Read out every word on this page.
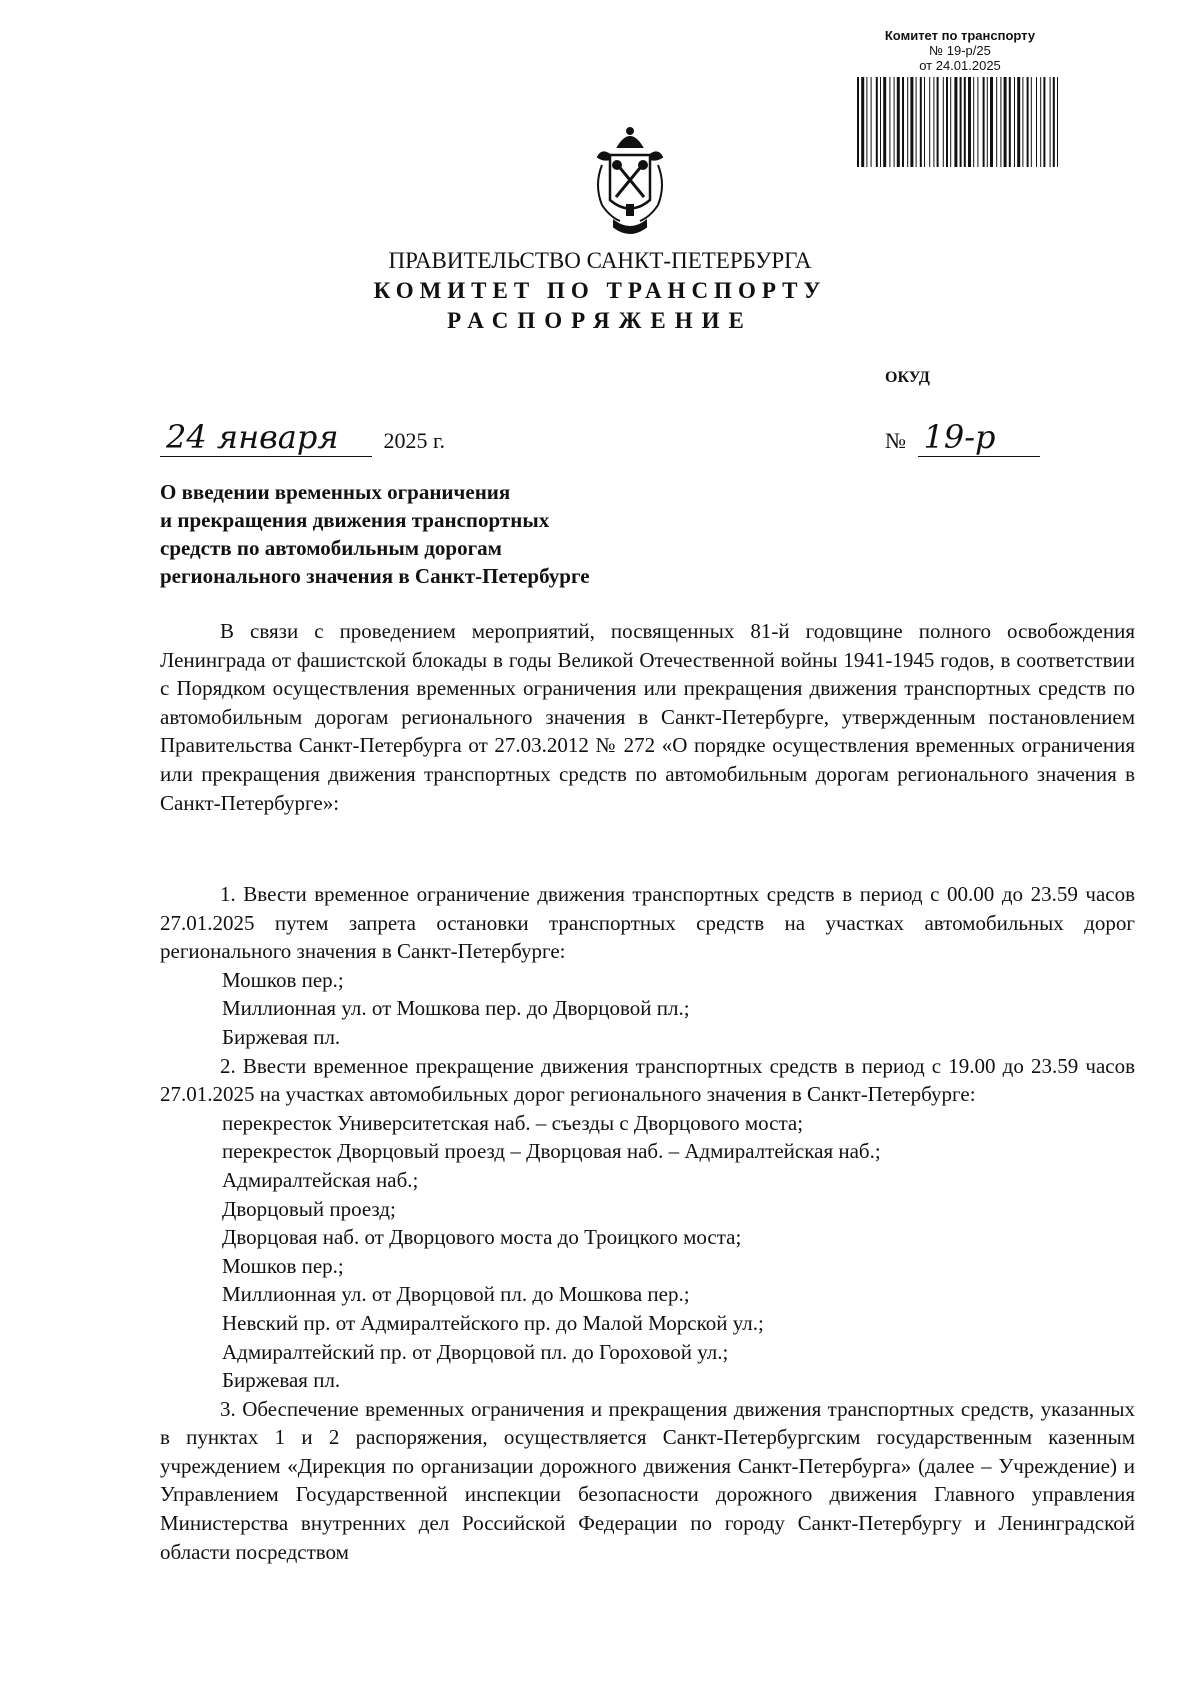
Комитет по транспорту
№ 19-р/25
от 24.01.2025
ПРАВИТЕЛЬСТВО САНКТ-ПЕТЕРБУРГА
КОМИТЕТ ПО ТРАНСПОРТУ
РАСПОРЯЖЕНИЕ
ОКУД
24 января 2025 г.	№ 19-р
О введении временных ограничения
и прекращения движения транспортных
средств по автомобильным дорогам
регионального значения в Санкт-Петербурге

В связи с проведением мероприятий, посвященных 81-й годовщине полного освобождения Ленинграда от фашистской блокады в годы Великой Отечественной войны 1941-1945 годов, в соответствии с Порядком осуществления временных ограничения или прекращения движения транспортных средств по автомобильным дорогам регионального значения в Санкт-Петербурге, утвержденным постановлением Правительства Санкт-Петербурга от 27.03.2012 № 272 «О порядке осуществления временных ограничения или прекращения движения транспортных средств по автомобильным дорогам регионального значения в Санкт-Петербурге»:

1. Ввести временное ограничение движения транспортных средств в период с 00.00 до 23.59 часов 27.01.2025 путем запрета остановки транспортных средств на участках автомобильных дорог регионального значения в Санкт-Петербурге:

Мошков пер.;

Миллионная ул. от Мошкова пер. до Дворцовой пл.;

Биржевая пл.

2. Ввести временное прекращение движения транспортных средств в период с 19.00 до 23.59 часов 27.01.2025 на участках автомобильных дорог регионального значения в Санкт-Петербурге:

перекресток Университетская наб. – съезды с Дворцового моста;

перекресток Дворцовый проезд – Дворцовая наб. – Адмиралтейская наб.;

Адмиралтейская наб.;

Дворцовый проезд;

Дворцовая наб. от Дворцового моста до Троицкого моста;

Мошков пер.;

Миллионная ул. от Дворцовой пл. до Мошкова пер.;

Невский пр. от Адмиралтейского пр. до Малой Морской ул.;

Адмиралтейский пр. от Дворцовой пл. до Гороховой ул.;

Биржевая пл.

3. Обеспечение временных ограничения и прекращения движения транспортных средств, указанных в пунктах 1 и 2 распоряжения, осуществляется Санкт-Петербургским государственным казенным учреждением «Дирекция по организации дорожного движения Санкт-Петербурга» (далее – Учреждение) и Управлением Государственной инспекции безопасности дорожного движения Главного управления Министерства внутренних дел Российской Федерации по городу Санкт-Петербургу и Ленинградской области посредством
